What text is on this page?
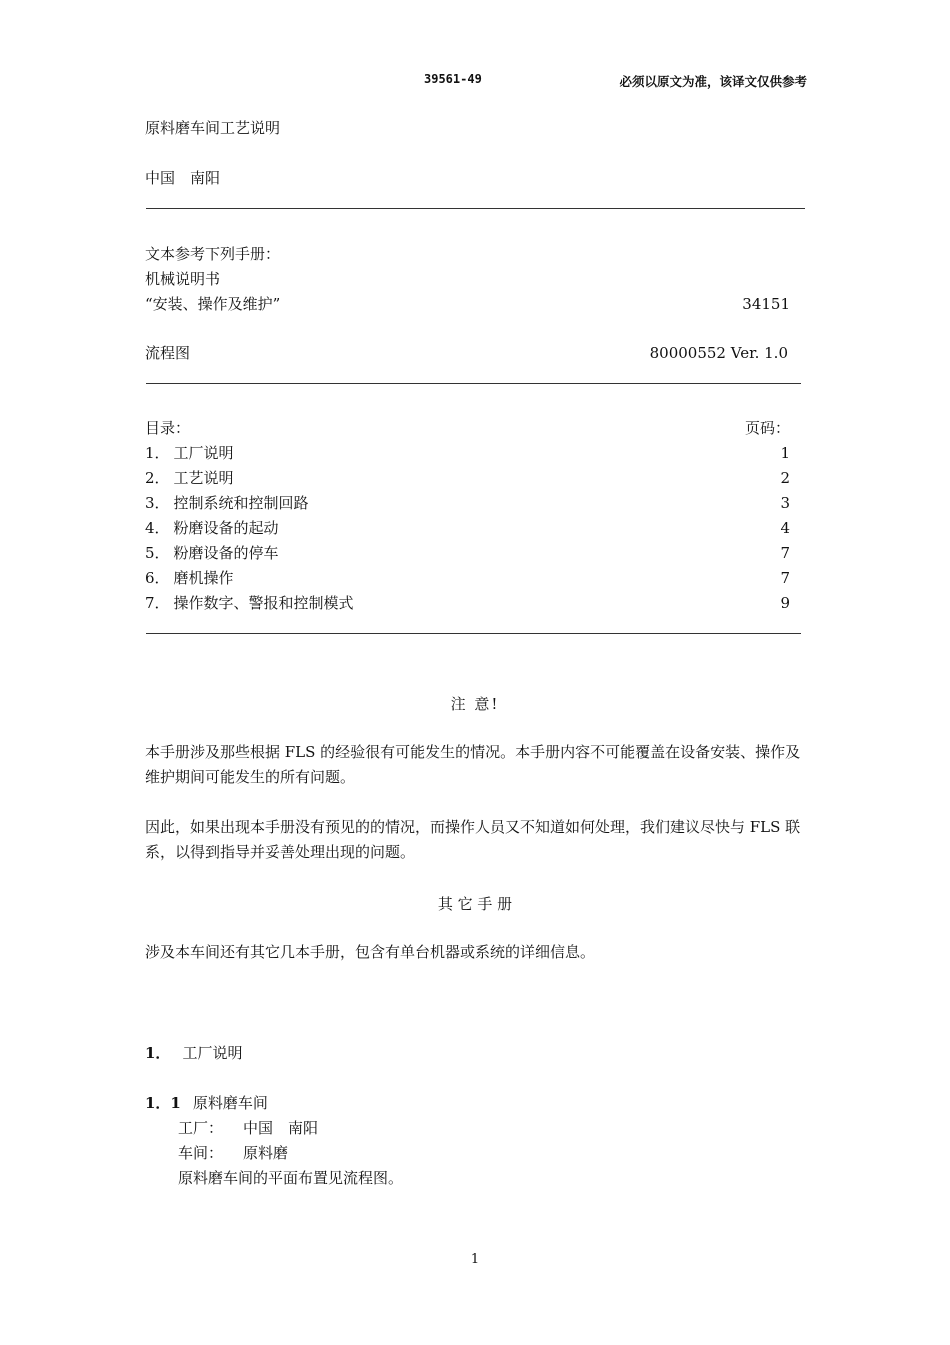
39561-49	必须以原文为准，该译文仅供参考
原料磨车间工艺说明
中国　南阳
文本参考下列手册：
机械说明书
“安装、操作及维护”	34151
流程图	80000552 Ver. 1.0
目录：	页码：
1． 工厂说明	1
2． 工艺说明	2
3． 控制系统和控制回路	3
4． 粉磨设备的起动	4
5． 粉磨设备的停车	7
6． 磨机操作	7
7． 操作数字、警报和控制模式	9
注 意!
本手册涉及那些根据 FLS 的经验很有可能发生的情况。本手册内容不可能覆盖在设备安装、操作及维护期间可能发生的所有问题。
因此，如果出现本手册没有预见的的情况，而操作人员又不知道如何处理，我们建议尽快与 FLS 联系，以得到指导并妥善处理出现的问题。
其 它 手 册
涉及本车间还有其它几本手册，包含有单台机器或系统的详细信息。
1． 工厂说明
1．1 原料磨车间
工厂： 中国　南阳
车间： 原料磨
原料磨车间的平面布置见流程图。
1
